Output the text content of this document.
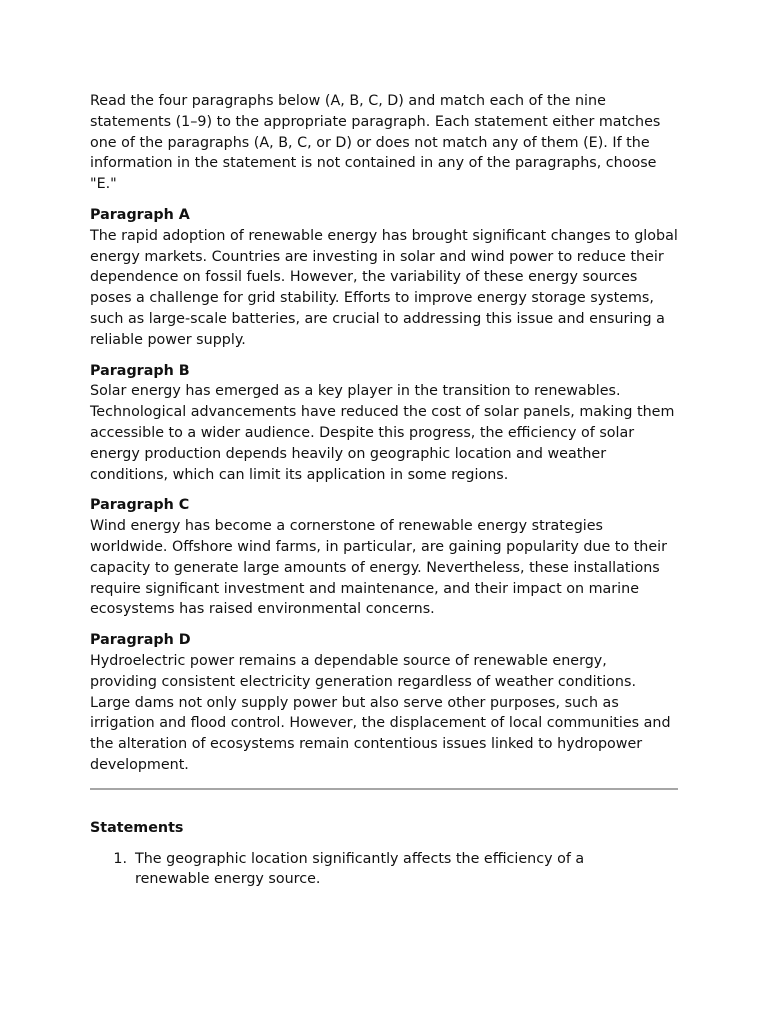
Read the four paragraphs below (A, B, C, D) and match each of the nine statements (1–9) to the appropriate paragraph. Each statement either matches one of the paragraphs (A, B, C, or D) or does not match any of them (E). If the information in the statement is not contained in any of the paragraphs, choose "E."

Paragraph A

The rapid adoption of renewable energy has brought significant changes to global energy markets. Countries are investing in solar and wind power to reduce their dependence on fossil fuels. However, the variability of these energy sources poses a challenge for grid stability. Efforts to improve energy storage systems, such as large-scale batteries, are crucial to addressing this issue and ensuring a reliable power supply.

Paragraph B

Solar energy has emerged as a key player in the transition to renewables. Technological advancements have reduced the cost of solar panels, making them accessible to a wider audience. Despite this progress, the efficiency of solar energy production depends heavily on geographic location and weather conditions, which can limit its application in some regions.

Paragraph C

Wind energy has become a cornerstone of renewable energy strategies worldwide. Offshore wind farms, in particular, are gaining popularity due to their capacity to generate large amounts of energy. Nevertheless, these installations require significant investment and maintenance, and their impact on marine ecosystems has raised environmental concerns.

Paragraph D

Hydroelectric power remains a dependable source of renewable energy, providing consistent electricity generation regardless of weather conditions. Large dams not only supply power but also serve other purposes, such as irrigation and flood control. However, the displacement of local communities and the alteration of ecosystems remain contentious issues linked to hydropower development.

Statements

1. The geographic location significantly affects the efficiency of a renewable energy source.
